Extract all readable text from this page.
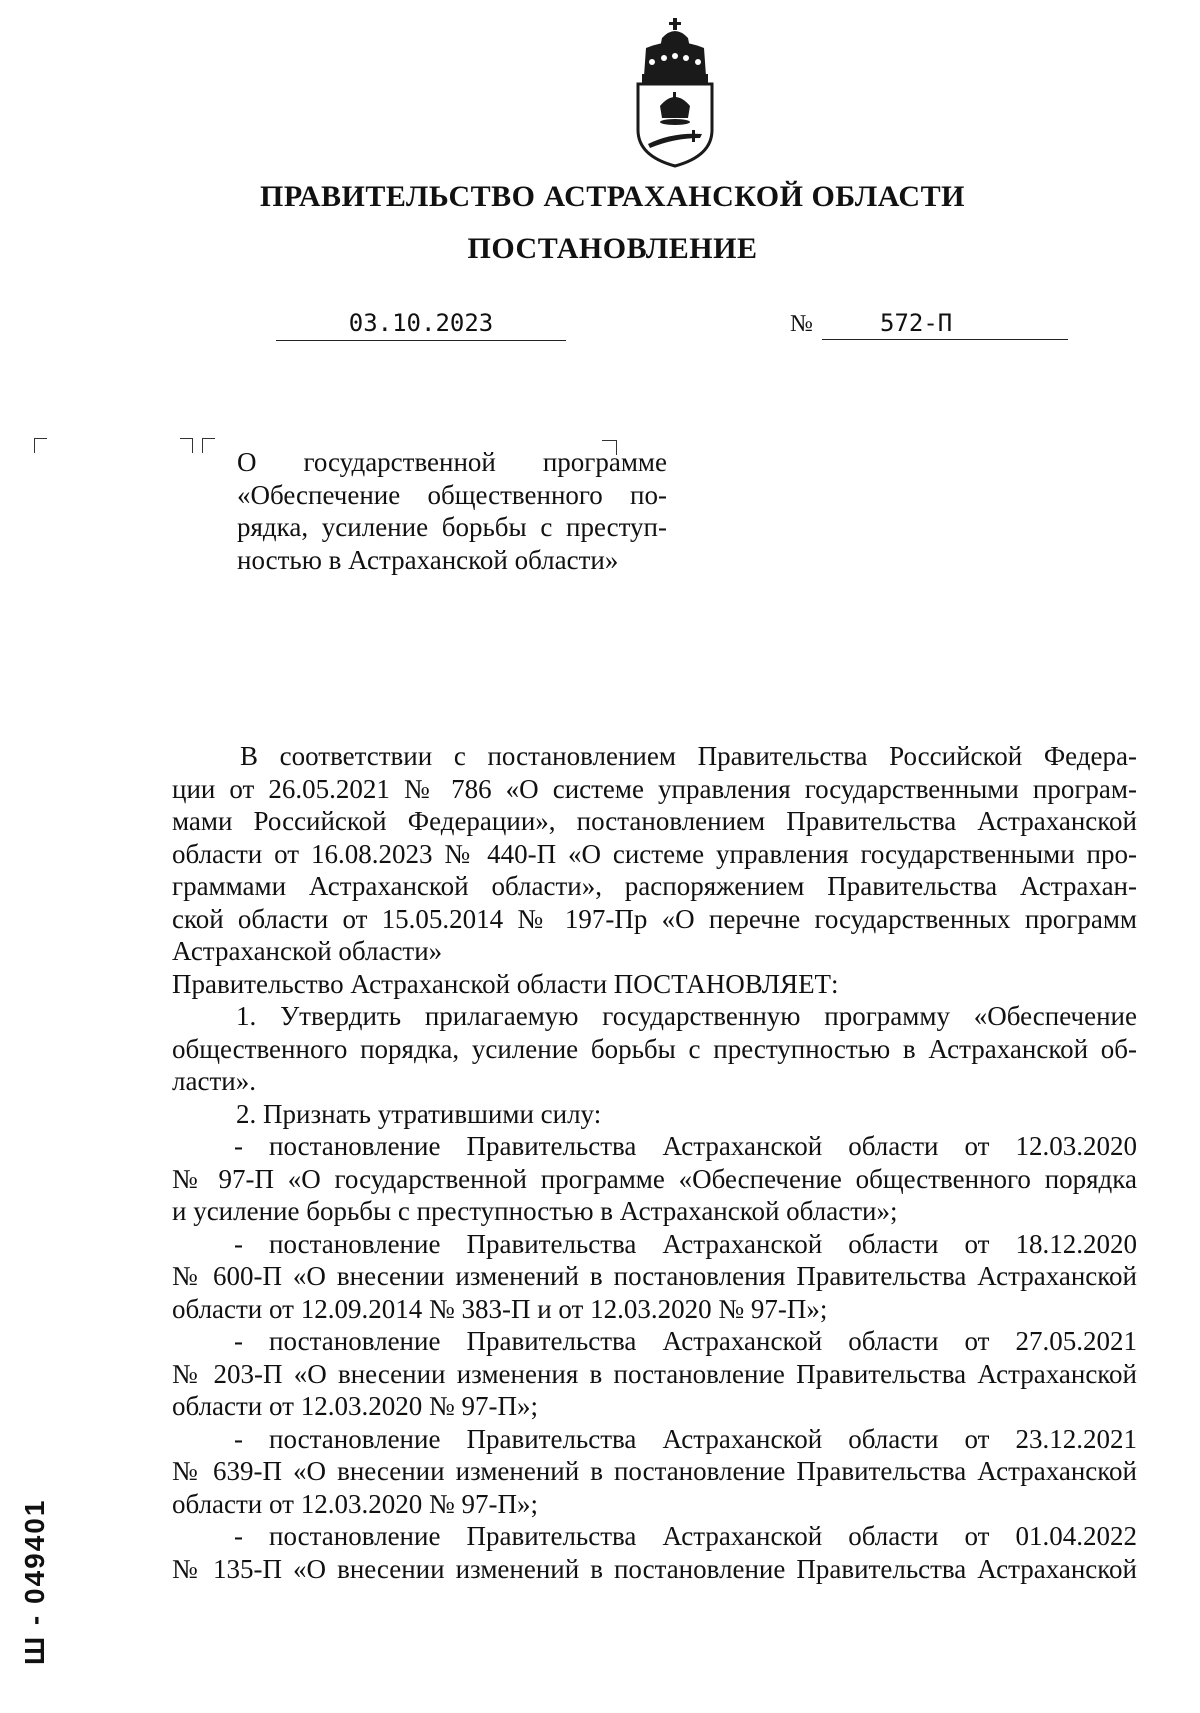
ПРАВИТЕЛЬСТВО АСТРАХАНСКОЙ ОБЛАСТИ
ПОСТАНОВЛЕНИЕ
03.10.2023	№	572-П
О государственной программе
«Обеспечение общественного по-
рядка, усиление борьбы с преступ-
ностью в Астраханской области»
В соответствии с постановлением Правительства Российской Федера-
ции от 26.05.2021 № 786 «О системе управления государственными програм-
мами Российской Федерации», постановлением Правительства Астраханской
области от 16.08.2023 № 440-П «О системе управления государственными про-
граммами Астраханской области», распоряжением Правительства Астрахан-
ской области от 15.05.2014 № 197-Пр «О перечне государственных программ
Астраханской области»
Правительство Астраханской области ПОСТАНОВЛЯЕТ:
1. Утвердить прилагаемую государственную программу «Обеспечение
общественного порядка, усиление борьбы с преступностью в Астраханской об-
ласти».
2. Признать утратившими силу:
- постановление Правительства Астраханской области от 12.03.2020
№ 97-П «О государственной программе «Обеспечение общественного порядка
и усиление борьбы с преступностью в Астраханской области»;
- постановление Правительства Астраханской области от 18.12.2020
№ 600-П «О внесении изменений в постановления Правительства Астраханской
области от 12.09.2014 № 383-П и от 12.03.2020 № 97-П»;
- постановление Правительства Астраханской области от 27.05.2021
№ 203-П «О внесении изменения в постановление Правительства Астраханской
области от 12.03.2020 № 97-П»;
- постановление Правительства Астраханской области от 23.12.2021
№ 639-П «О внесении изменений в постановление Правительства Астраханской
области от 12.03.2020 № 97-П»;
- постановление Правительства Астраханской области от 01.04.2022
№ 135-П «О внесении изменений в постановление Правительства Астраханской
Ш - 049401
